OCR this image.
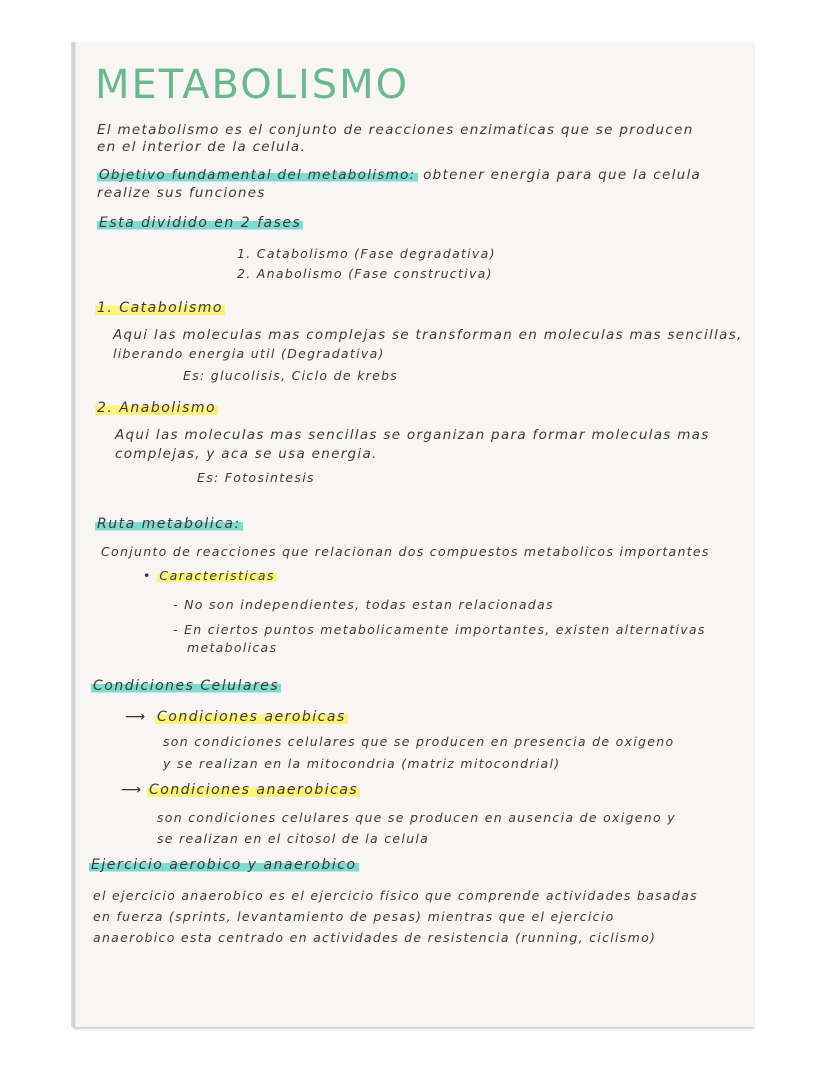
METABOLISMO
El metabolismo es el conjunto de reacciones enzimaticas que se producen
en el interior de la celula.
Objetivo fundamental del metabolismo: obtener energia para que la celula
realize sus funciones
Esta dividido en 2 fases
1. Catabolismo (Fase degradativa)
2. Anabolismo (Fase constructiva)
1. Catabolismo
Aqui las moleculas mas complejas se transforman en moleculas mas sencillas,
liberando energia util (Degradativa)
Es: glucolisis, Ciclo de krebs
2. Anabolismo
Aqui las moleculas mas sencillas se organizan para formar moleculas mas
complejas, y aca se usa energia.
Es: Fotosintesis
Ruta metabolica:
Conjunto de reacciones que relacionan dos compuestos metabolicos importantes
• Caracteristicas
- No son independientes, todas estan relacionadas
- En ciertos puntos metabolicamente importantes, existen alternativas
metabolicas
Condiciones Celulares
⟶ Condiciones aerobicas
son condiciones celulares que se producen en presencia de oxigeno
y se realizan en la mitocondria (matriz mitocondrial)
⟶ Condiciones anaerobicas
son condiciones celulares que se producen en ausencia de oxigeno y
se realizan en el citosol de la celula
Ejercicio aerobico y anaerobico
el ejercicio anaerobico es el ejercicio fisico que comprende actividades basadas
en fuerza (sprints, levantamiento de pesas) mientras que el ejercicio
anaerobico esta centrado en actividades de resistencia (running, ciclismo)
